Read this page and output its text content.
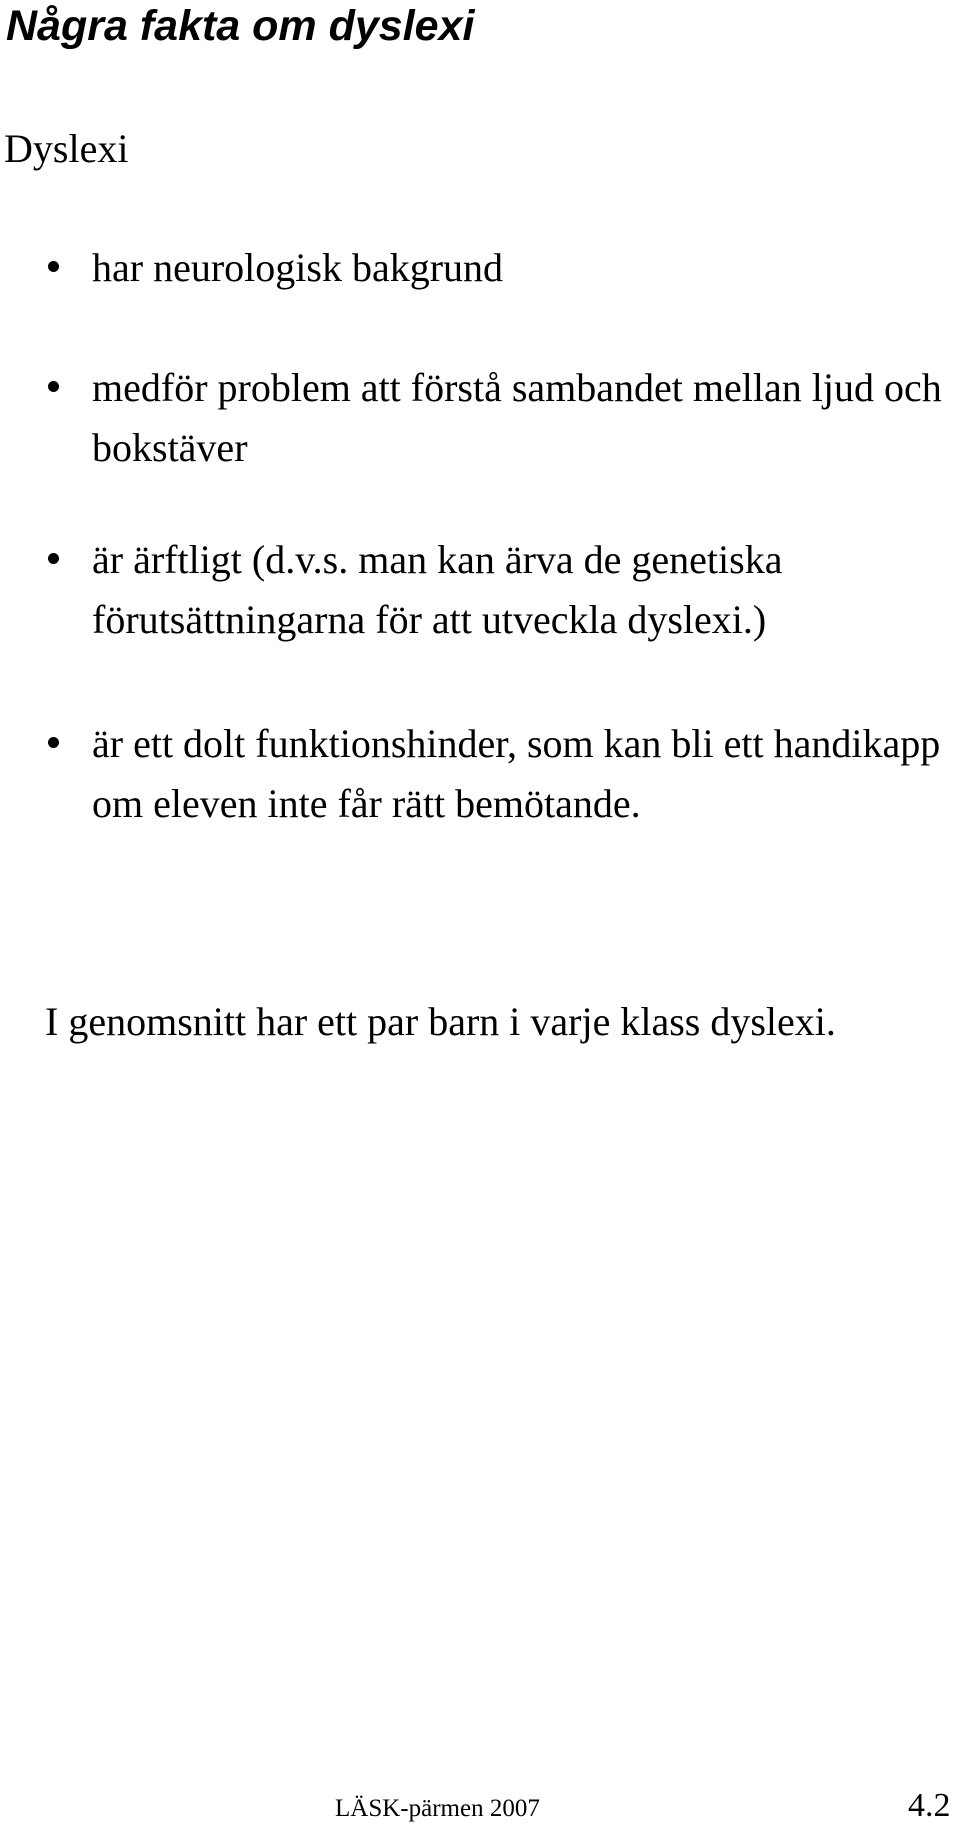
Några fakta om dyslexi
Dyslexi
har neurologisk bakgrund
medför problem att förstå sambandet mellan ljud och bokstäver
är ärftligt (d.v.s. man kan ärva de genetiska förutsättningarna för att utveckla dyslexi.)
är ett dolt funktionshinder, som kan bli ett handikapp om eleven inte får rätt bemötande.

I genomsnitt har ett par barn i varje klass dyslexi.

LÄSK-pärmen 2007	4.2
